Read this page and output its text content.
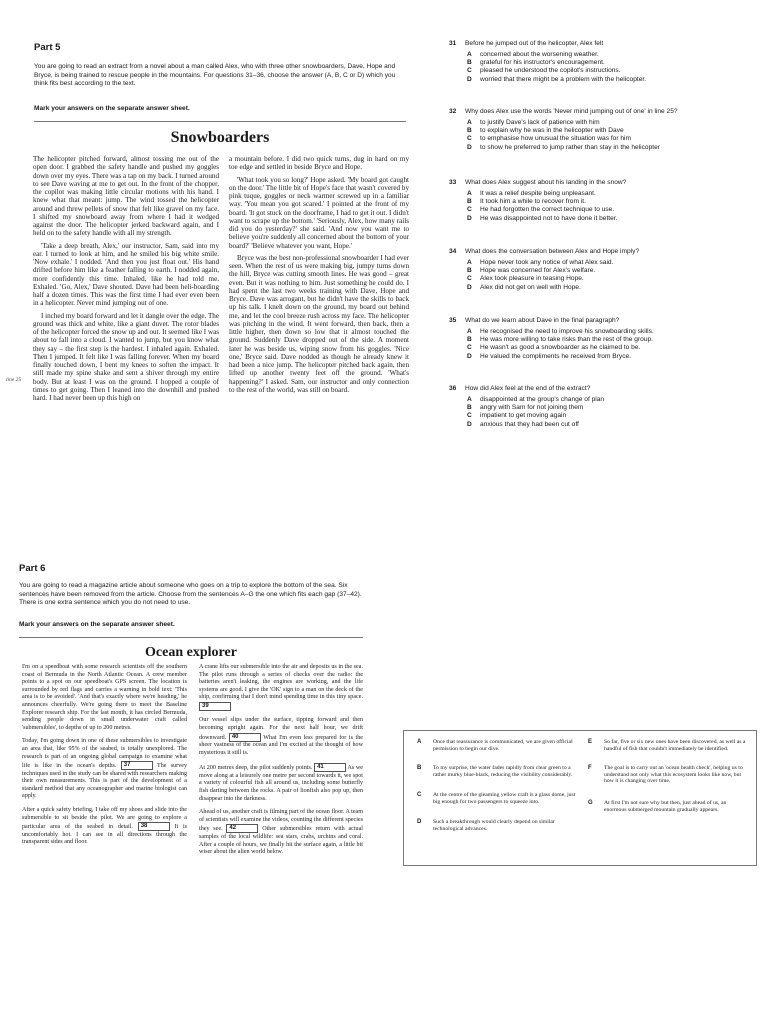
Part 5
You are going to read an extract from a novel about a man called Alex, who with three other snowboarders, Dave, Hope and Bryce, is being trained to rescue people in the mountains. For questions 31–36, choose the answer (A, B, C or D) which you think fits best according to the text.
Mark your answers on the separate answer sheet.
Snowboarders

The helicopter pitched forward, almost tossing me out of the open door. I grabbed the safety handle and pushed my goggles down over my eyes. There was a tap on my back. I turned around to see Dave waving at me to get out. In the front of the chopper, the copilot was making little circular motions with his hand. I knew what that meant: jump. The wind tossed the helicopter around and threw pellets of snow that felt like gravel on my face. I shifted my snowboard away from where I had it wedged against the door. The helicopter jerked backward again, and I held on to the safety handle with all my strength.

'Take a deep breath, Alex,' our instructor, Sam, said into my ear. I turned to look at him, and he smiled his big white smile. 'Now exhale.' I nodded. 'And then you just float out.' His hand drifted before him like a feather falling to earth. I nodded again, more confidently this time. Inhaled, like he had told me. Exhaled. 'Go, Alex,' Dave shouted. Dave had been heli-boarding half a dozen times. This was the first time I had ever even been in a helicopter. Never mind jumping out of one.

I inched my board forward and let it dangle over the edge. The ground was thick and white, like a giant duvet. The rotor blades of the helicopter forced the snow up and out. It seemed like I was about to fall into a cloud. I wanted to jump, but you know what they say – the first step is the hardest. I inhaled again. Exhaled. Then I jumped. It felt like I was falling forever. When my board finally touched down, I bent my knees to soften the impact. It still made my spine shake and sent a shiver through my entire body. But at least I was on the ground. I hopped a couple of times to get going. Then I leaned into the downhill and pushed hard. I had never been up this high on

line 25

a mountain before. I did two quick turns, dug in hard on my toe edge and settled in beside Bryce and Hope.

'What took you so long?' Hope asked. 'My board got caught on the door.' The little bit of Hope's face that wasn't covered by pink tuque, goggles or neck warmer screwed up in a familiar way. 'You mean you got scared.' I pointed at the front of my board. 'It got stuck on the doorframe, I had to get it out. I didn't want to scrape up the bottom.' 'Seriously, Alex, how many rails did you do yesterday?' she said. 'And now you want me to believe you're suddenly all concerned about the bottom of your board?' 'Believe whatever you want, Hope.'

Bryce was the best non-professional snowboarder I had ever seen. When the rest of us were making big, jumpy turns down the hill, Bryce was cutting smooth lines. He was good – great even. But it was nothing to him. Just something he could do. I had spent the last two weeks training with Dave, Hope and Bryce. Dave was arrogant, but he didn't have the skills to back up his talk. I knelt down on the ground, my board out behind me, and let the cool breeze rush across my face. The helicopter was pitching in the wind. It went forward, then back, then a little higher, then down so low that it almost touched the ground. Suddenly Dave dropped out of the side. A moment later he was beside us, wiping snow from his goggles. 'Nice one,' Bryce said. Dave nodded as though he already knew it had been a nice jump. The helicopter pitched back again, then lifted up another twenty feet off the ground. 'What's happening?' I asked. Sam, our instructor and only connection to the rest of the world, was still on board.

31	Before he jumped out of the helicopter, Alex felt
A	concerned about the worsening weather.
B	grateful for his instructor's encouragement.
C	pleased he understood the copilot's instructions.
D	worried that there might be a problem with the helicopter.
32	Why does Alex use the words 'Never mind jumping out of one' in line 25?
A	to justify Dave's lack of patience with him
B	to explain why he was in the helicopter with Dave
C	to emphasise how unusual the situation was for him
D	to show he preferred to jump rather than stay in the helicopter
33	What does Alex suggest about his landing in the snow?
A	It was a relief despite being unpleasant.
B	It took him a while to recover from it.
C	He had forgotten the correct technique to use.
D	He was disappointed not to have done it better.
34	What does the conversation between Alex and Hope imply?
A	Hope never took any notice of what Alex said.
B	Hope was concerned for Alex's welfare.
C	Alex took pleasure in teasing Hope.
D	Alex did not get on well with Hope.
35	What do we learn about Dave in the final paragraph?
A	He recognised the need to improve his snowboarding skills.
B	He was more willing to take risks than the rest of the group.
C	He wasn't as good a snowboarder as he claimed to be.
D	He valued the compliments he received from Bryce.
36	How did Alex feel at the end of the extract?
A	disappointed at the group's change of plan
B	angry with Sam for not joining them
C	impatient to get moving again
D	anxious that they had been cut off
Part 6
You are going to read a magazine article about someone who goes on a trip to explore the bottom of the sea. Six sentences have been removed from the article. Choose from the sentences A–G the one which fits each gap (37–42). There is one extra sentence which you do not need to use.
Mark your answers on the separate answer sheet.
Ocean explorer

I'm on a speedboat with some research scientists off the southern coast of Bermuda in the North Atlantic Ocean. A crew member points to a spot on our speedboat's GPS screen. The location is surrounded by red flags and carries a warning in bold text: 'This area is to be avoided'. 'And that's exactly where we're heading,' he announces cheerfully. We're going there to meet the Baseline Explorer research ship. For the last month, it has circled Bermuda, sending people down in small underwater craft called 'submersibles', to depths of up to 200 metres.

Today, I'm going down in one of these submersibles to investigate an area that, like 95% of the seabed, is totally unexplored. The research is part of an ongoing global campaign to examine what life is like in the ocean's depths. 37	The survey techniques used in the study can be shared with researchers making their own measurements. This is part of the development of a standard method that any oceanographer and marine biologist can apply.

After a quick safety briefing, I take off my shoes and slide into the submersible to sit beside the pilot. We are going to explore a particular area of the seabed in detail. 38	It is uncomfortably hot. I can see in all directions through the transparent sides and floor.

A crane lifts our submersible into the air and deposits us in the sea. The pilot runs through a series of checks over the radio: the batteries aren't leaking, the engines are working, and the life systems are good. I give the 'OK' sign to a man on the deck of the ship, confirming that I don't mind spending time in this tiny space. 39

Our vessel slips under the surface, tipping forward and then becoming upright again. For the next half hour, we drift downward. 40	What I'm even less prepared for is the sheer vastness of the ocean and I'm excited at the thought of how mysterious it still is.

At 200 metres deep, the pilot suddenly points. 41	As we move along at a leisurely one metre per second towards it, we spot a variety of colourful fish all around us, including some butterfly fish darting between the rocks. A pair of lionfish also pop up, then disappear into the darkness.

Ahead of us, another craft is filming part of the ocean floor. A team of scientists will examine the videos, counting the different species they see. 42	Other submersibles return with actual samples of the local wildlife: sea stars, crabs, urchins and coral. After a couple of hours, we finally hit the surface again, a little bit wiser about the alien world below.

A	Once that reassurance is communicated, we are given official permission to begin our dive.
B	To my surprise, the water fades rapidly from clear green to a rather murky blue-black, reducing the visibility considerably.
C	At the centre of the gleaming yellow craft is a glass dome, just big enough for two passengers to squeeze into.
D	Such a breakthrough would clearly depend on similar technological advances.
E	So far, five or six new ones have been discovered, as well as a handful of fish that couldn't immediately be identified.
F	The goal is to carry out an 'ocean health check', helping us to understand not only what this ecosystem looks like now, but how it is changing over time.
G	At first I'm not sure why but then, just ahead of us, an enormous submerged mountain gradually appears.
